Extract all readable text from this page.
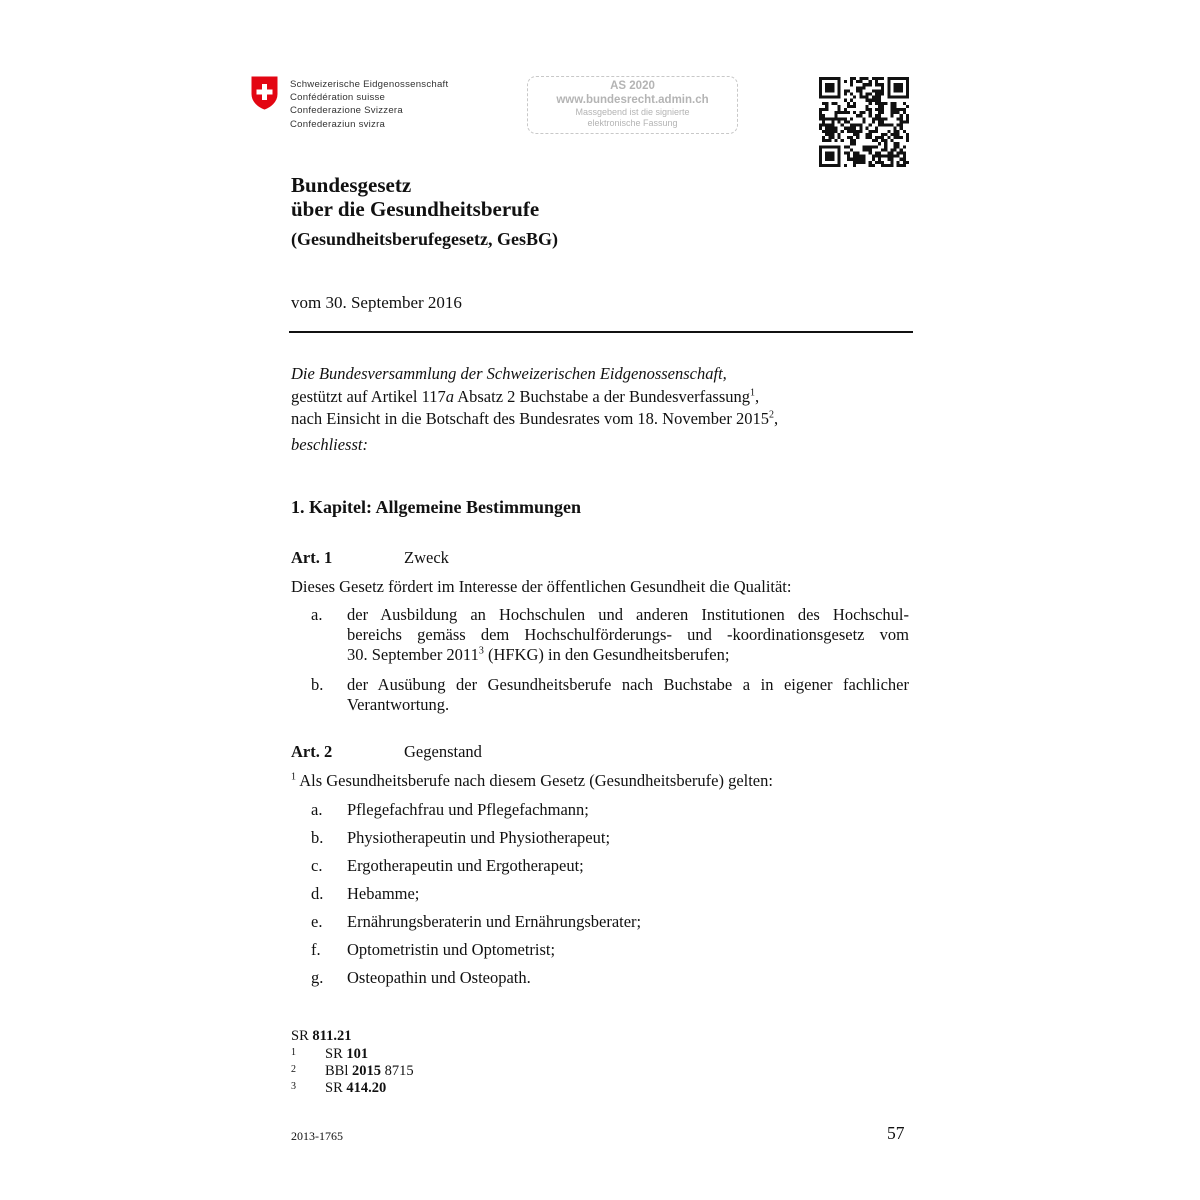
Schweizerische Eidgenossenschaft
Confédération suisse
Confederazione Svizzera
Confederaziun svizra
AS 2020
www.bundesrecht.admin.ch
Massgebend ist die signierte
elektronische Fassung
Bundesgesetz
über die Gesundheitsberufe
(Gesundheitsberufegesetz, GesBG)
vom 30. September 2016
Die Bundesversammlung der Schweizerischen Eidgenossenschaft,
gestützt auf Artikel 117a Absatz 2 Buchstabe a der Bundesverfassung$^1$,
nach Einsicht in die Botschaft des Bundesrates vom 18. November 2015$^2$,
beschliesst:
1. Kapitel: Allgemeine Bestimmungen
Art. 1	Zweck
Dieses Gesetz fördert im Interesse der öffentlichen Gesundheit die Qualität:
a. der Ausbildung an Hochschulen und anderen Institutionen des Hochschul-
bereichs gemäss dem Hochschulförderungs- und -koordinationsgesetz vom
30. September 2011$^3$ (HFKG) in den Gesundheitsberufen;
b. der Ausübung der Gesundheitsberufe nach Buchstabe a in eigener fachlicher
Verantwortung.
Art. 2	Gegenstand
$^1$ Als Gesundheitsberufe nach diesem Gesetz (Gesundheitsberufe) gelten:
a. Pflegefachfrau und Pflegefachmann;
b. Physiotherapeutin und Physiotherapeut;
c. Ergotherapeutin und Ergotherapeut;
d. Hebamme;
e. Ernährungsberaterin und Ernährungsberater;
f. Optometristin und Optometrist;
g. Osteopathin und Osteopath.
SR 811.21
1 SR 101
2 BBl 2015 8715
3 SR 414.20
2013-1765	57
